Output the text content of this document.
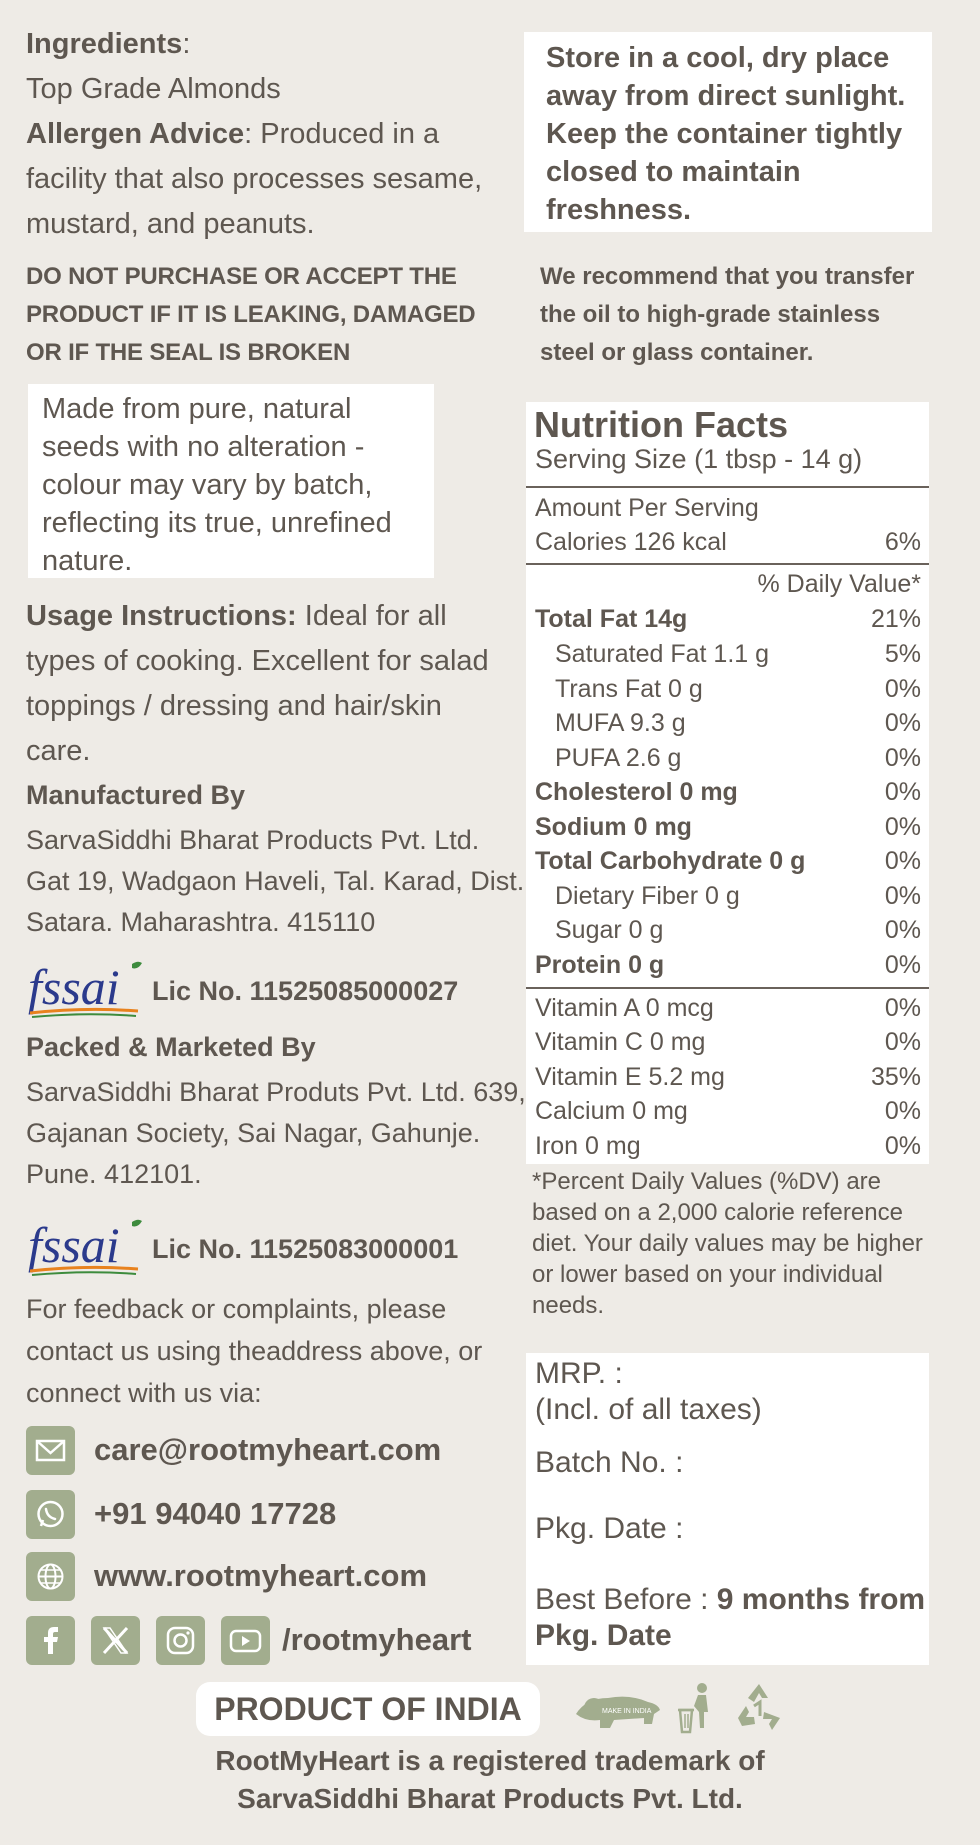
Ingredients:
Top Grade Almonds
Allergen Advice: Produced in a facility that also processes sesame, mustard, and peanuts.
DO NOT PURCHASE OR ACCEPT THE PRODUCT IF IT IS LEAKING, DAMAGED OR IF THE SEAL IS BROKEN
Made from pure, natural seeds with no alteration - colour may vary by batch, reflecting its true, unrefined nature.
Usage Instructions: Ideal for all types of cooking. Excellent for salad toppings / dressing and hair/skin care.
Manufactured By
SarvaSiddhi Bharat Products Pvt. Ltd. Gat 19, Wadgaon Haveli, Tal. Karad, Dist. Satara. Maharashtra. 415110
fssai Lic No. 11525085000027
Packed & Marketed By
SarvaSiddhi Bharat Produts Pvt. Ltd. 639, Gajanan Society, Sai Nagar, Gahunje. Pune. 412101.
fssai Lic No. 11525083000001
For feedback or complaints, please contact us using theaddress above, or connect with us via:
care@rootmyheart.com
+91 94040 17728
www.rootmyheart.com
/rootmyheart
Store in a cool, dry place away from direct sunlight. Keep the container tightly closed to maintain freshness.
We recommend that you transfer the oil to high-grade stainless steel or glass container.
Nutrition Facts
Serving Size (1 tbsp - 14 g)
Amount Per Serving
Calories 126 kcal	6%
% Daily Value*
Total Fat 14g	21%
Saturated Fat 1.1 g	5%
Trans Fat 0 g	0%
MUFA 9.3 g	0%
PUFA 2.6 g	0%
Cholesterol 0 mg	0%
Sodium 0 mg	0%
Total Carbohydrate 0 g	0%
Dietary Fiber 0 g	0%
Sugar 0 g	0%
Protein 0 g	0%
Vitamin A 0 mcg	0%
Vitamin C 0 mg	0%
Vitamin E 5.2 mg	35%
Calcium 0 mg	0%
Iron 0 mg	0%
*Percent Daily Values (%DV) are based on a 2,000 calorie reference diet. Your daily values may be higher or lower based on your individual needs.
MRP. :
(Incl. of all taxes)
Batch No. :
Pkg. Date :
Best Before : 9 months from
Pkg. Date
PRODUCT OF INDIA	MAKE IN INDIA
RootMyHeart is a registered trademark of
SarvaSiddhi Bharat Products Pvt. Ltd.
